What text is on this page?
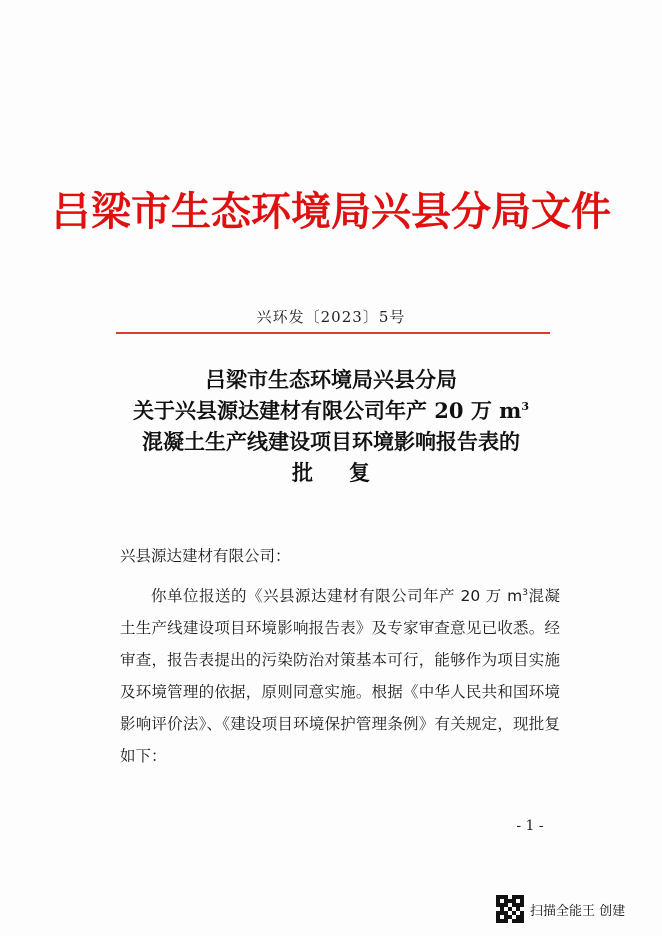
吕梁市生态环境局兴县分局文件
兴环发〔2023〕5号
吕梁市生态环境局兴县分局
关于兴县源达建材有限公司年产 20 万 $m^3$
混凝土生产线建设项目环境影响报告表的
批复

兴县源达建材有限公司：

你单位报送的《兴县源达建材有限公司年产 20 万 $m^3$混凝土生产线建设项目环境影响报告表》及专家审查意见已收悉。经审查，报告表提出的污染防治对策基本可行，能够作为项目实施及环境管理的依据，原则同意实施。根据《中华人民共和国环境影响评价法》、《建设项目环境保护管理条例》有关规定，现批复如下：

- 1 -
扫描全能王 创建
